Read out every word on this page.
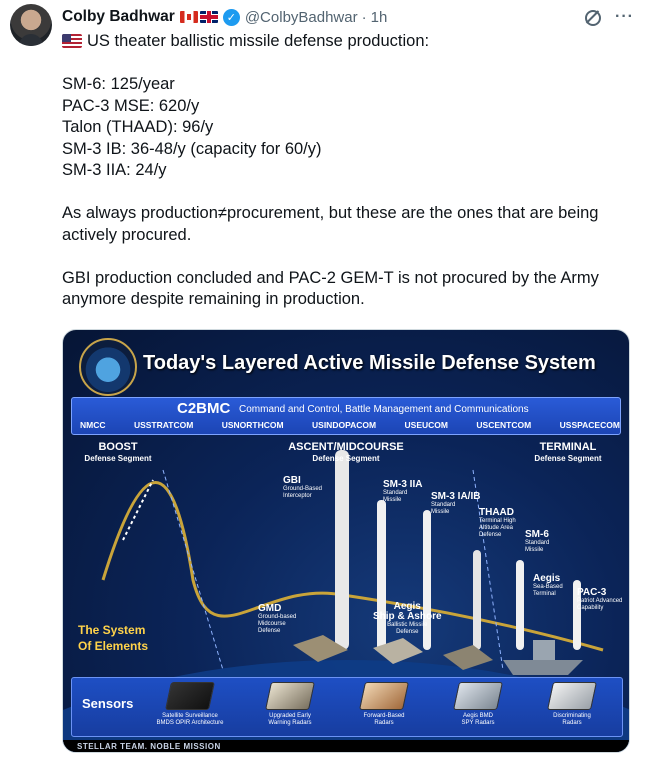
Colby Badhwar	✓ @ColbyBadhwar · 1h	···

US theater ballistic missile defense production:

SM-6: 125/year

PAC-3 MSE: 620/y

Talon (THAAD): 96/y

SM-3 IB: 36-48/y (capacity for 60/y)

SM-3 IIA: 24/y

As always production≠procurement, but these are the ones that are being actively procured.

GBI production concluded and PAC-2 GEM-T is not procured by the Army anymore despite remaining in production.

Today's Layered Active Missile Defense System
C2BMC Command and Control, Battle Management and Communications
NMCC	USSTRATCOM	USNORTHCOM	USINDOPACOM	USEUCOM	USCENTCOM	USSPACECOM
BOOST
Defense Segment
ASCENT/MIDCOURSE
Defense Segment
TERMINAL
Defense Segment
GBI
Ground-Based
Interceptor
SM-3 IIA
Standard
Missile	SM-3 IA/IB
Standard
Missile	THAAD
Terminal High
Altitude Area
Defense	SM-6
Standard
Missile
Aegis
Sea-Based
Terminal	PAC-3
Patriot Advanced
Capability
GMD
Ground-based
Midcourse
Defense
Aegis
Ship & Ashore
Ballistic Missile
Defense
The System
Of Elements
Sensors
Satellite Surveillance
BMDS OPIR Architecture
Upgraded Early
Warning Radars
Forward-Based
Radars
Aegis BMD
SPY Radars
Discriminating
Radars
STELLAR TEAM. NOBLE MISSION
